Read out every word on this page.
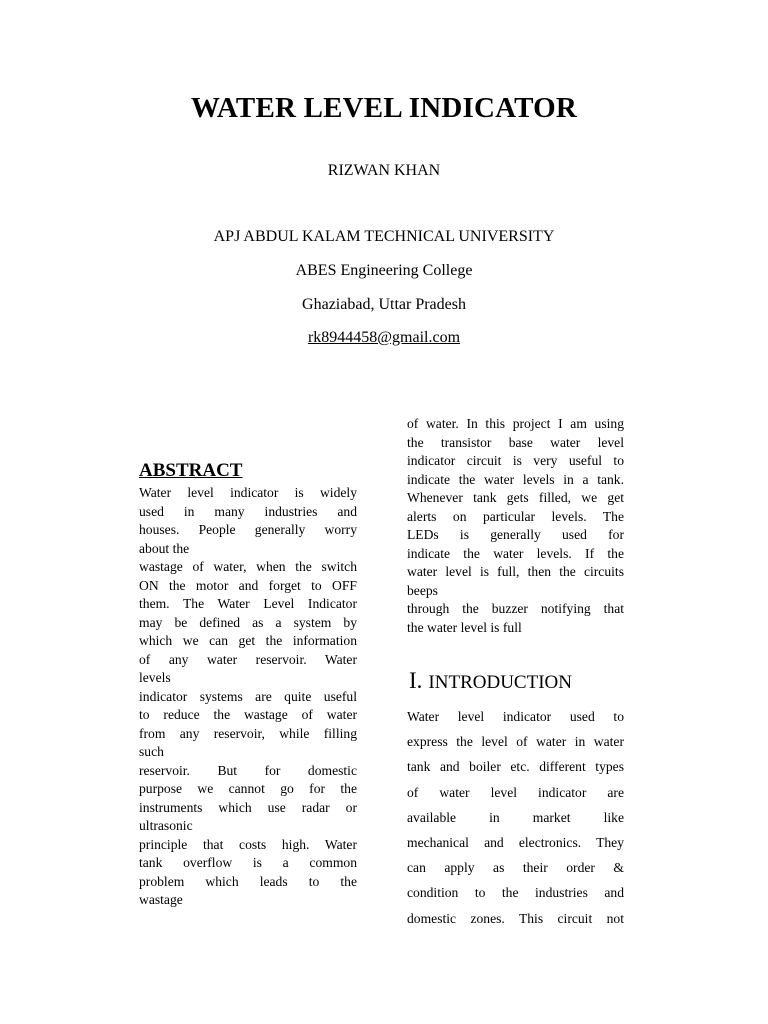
WATER LEVEL INDICATOR

RIZWAN KHAN

APJ ABDUL KALAM TECHNICAL UNIVERSITY

ABES Engineering College

Ghaziabad, Uttar Pradesh

rk8944458@gmail.com

ABSTRACT
Water level indicator is widely
used in many industries and
houses. People generally worry
about the
wastage of water, when the switch
ON the motor and forget to OFF
them. The Water Level Indicator
may be defined as a system by
which we can get the information
of any water reservoir. Water
levels
indicator systems are quite useful
to reduce the wastage of water
from any reservoir, while filling
such
reservoir. But for domestic
purpose we cannot go for the
instruments which use radar or
ultrasonic
principle that costs high. Water
tank overflow is a common
problem which leads to the
wastage
of water. In this project I am using
the transistor base water level
indicator circuit is very useful to
indicate the water levels in a tank.
Whenever tank gets filled, we get
alerts on particular levels. The
LEDs is generally used for
indicate the water levels. If the
water level is full, then the circuits
beeps
through the buzzer notifying that
the water level is full
I. INTRODUCTION
Water level indicator used to
express the level of water in water
tank and boiler etc. different types
of water level indicator are
available in market like
mechanical and electronics. They
can apply as their order &
condition to the industries and
domestic zones. This circuit not
